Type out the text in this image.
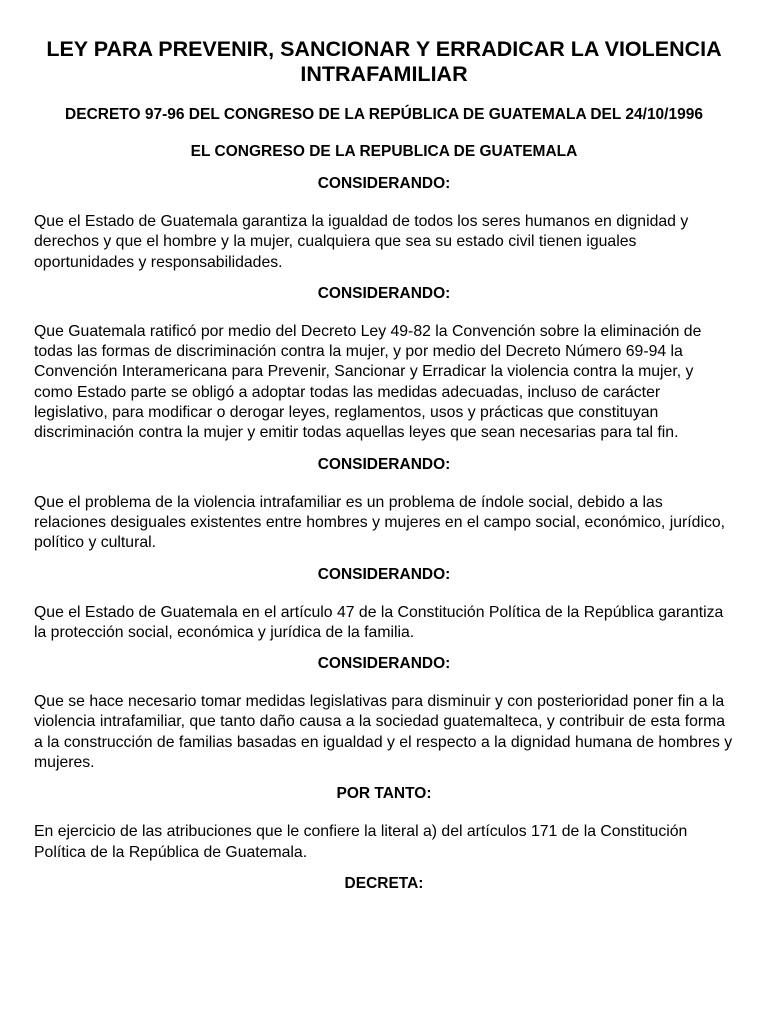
LEY PARA PREVENIR, SANCIONAR Y ERRADICAR LA VIOLENCIA INTRAFAMILIAR
DECRETO 97-96 DEL CONGRESO DE LA REPÚBLICA DE GUATEMALA DEL 24/10/1996
EL CONGRESO DE LA REPUBLICA DE GUATEMALA
CONSIDERANDO:

Que el Estado de Guatemala garantiza la igualdad de todos los seres humanos en dignidad y derechos y que el hombre y la mujer, cualquiera que sea su estado civil tienen iguales oportunidades y responsabilidades.

CONSIDERANDO:

Que Guatemala ratificó por medio del Decreto Ley 49-82 la Convención sobre la eliminación de todas las formas de discriminación contra la mujer, y por medio del Decreto Número 69-94 la Convención Interamericana para Prevenir, Sancionar y Erradicar la violencia contra la mujer, y como Estado parte se obligó a adoptar todas las medidas adecuadas, incluso de carácter legislativo, para modificar o derogar leyes, reglamentos, usos y prácticas que constituyan discriminación contra la mujer y emitir todas aquellas leyes que sean necesarias para tal fin.

CONSIDERANDO:

Que el problema de la violencia intrafamiliar es un problema de índole social, debido a las relaciones desiguales existentes entre hombres y mujeres en el campo social, económico, jurídico, político y cultural.

CONSIDERANDO:

Que el Estado de Guatemala en el artículo 47 de la Constitución Política de la República garantiza la protección social, económica y jurídica de la familia.

CONSIDERANDO:

Que se hace necesario tomar medidas legislativas para disminuir y con posterioridad poner fin a la violencia intrafamiliar, que tanto daño causa a la sociedad guatemalteca, y contribuir de esta forma a la construcción de familias basadas en igualdad y el respecto a la dignidad humana de hombres y mujeres.

POR TANTO:

En ejercicio de las atribuciones que le confiere la literal a) del artículos 171 de la Constitución Política de la República de Guatemala.

DECRETA:
